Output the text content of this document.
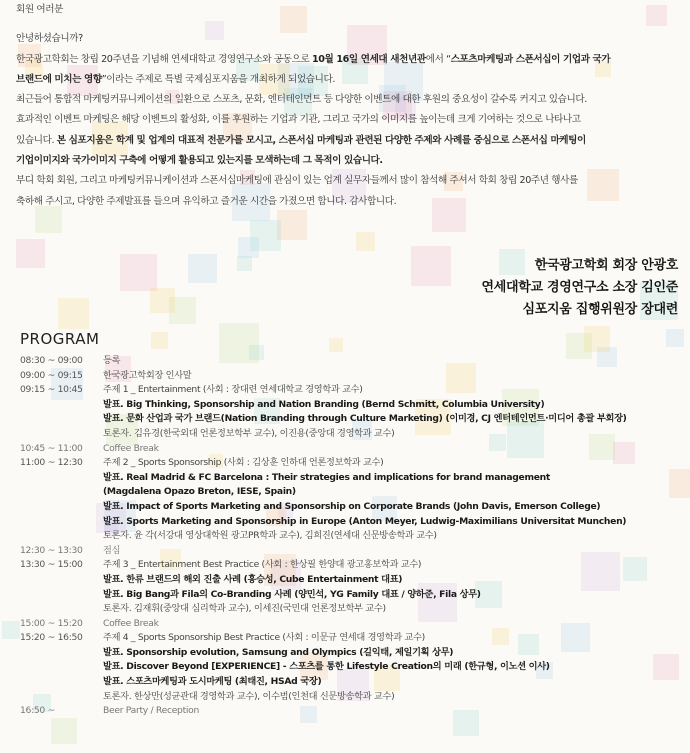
회원 여러분

안녕하셨습니까?

한국광고학회는 창립 20주년을 기념해 연세대학교 경영연구소와 공동으로 10월 16일 연세대 새천년관에서 “스포츠마케팅과 스폰서십이 기업과 국가

브랜드에 미치는 영향”이라는 주제로 특별 국제심포지움을 개최하게 되었습니다.

최근들어 통합적 마케팅커뮤니케이션의 일환으로 스포츠, 문화, 엔터테인먼트 등 다양한 이벤트에 대한 후원의 중요성이 갈수록 커지고 있습니다.

효과적인 이벤트 마케팅은 해당 이벤트의 활성화, 이를 후원하는 기업과 기관, 그리고 국가의 이미지를 높이는데 크게 기여하는 것으로 나타나고

있습니다. 본 심포지움은 학계 및 업계의 대표적 전문가를 모시고, 스폰서십 마케팅과 관련된 다양한 주제와 사례를 중심으로 스폰서십 마케팅이

기업이미지와 국가이미지 구축에 어떻게 활용되고 있는지를 모색하는데 그 목적이 있습니다.

부디 학회 회원, 그리고 마케팅커뮤니케이션과 스폰서십마케팅에 관심이 있는 업계 실무자들께서 많이 참석해 주셔서 학회 창립 20주년 행사를

축하해 주시고, 다양한 주제발표를 들으며 유익하고 즐거운 시간을 가졌으면 합니다. 감사합니다.

한국광고학회 회장 안광호
연세대학교 경영연구소 소장 김인준
심포지움 집행위원장 장대련
PROGRAM
08:30 ~ 09:00	등록
09:00 ~ 09:15	한국광고학회장 인사말
09:15 ~ 10:45	주제 1 _ Entertainment (사회 : 장대련 연세대학교 경영학과 교수)
발표. Big Thinking, Sponsorship and Nation Branding (Bernd Schmitt, Columbia University)
발표. 문화 산업과 국가 브랜드(Nation Branding through Culture Marketing) (이미경, CJ 엔터테인먼트·미디어 총괄 부회장)
토론자. 김유경(한국외대 언론정보학부 교수), 이진용(중앙대 경영학과 교수)
10:45 ~ 11:00	Coffee Break
11:00 ~ 12:30	주제 2 _ Sports Sponsorship (사회 : 김상훈 인하대 언론정보학과 교수)
발표. Real Madrid & FC Barcelona : Their strategies and implications for brand management
(Magdalena Opazo Breton, IESE, Spain)
발표. Impact of Sports Marketing and Sponsorship on Corporate Brands (John Davis, Emerson College)
발표. Sports Marketing and Sponsorship in Europe (Anton Meyer, Ludwig-Maximilians Universitat Munchen)
토론자. 윤 각(서강대 영상대학원 광고PR학과 교수), 김희진(연세대 신문방송학과 교수)
12:30 ~ 13:30	점심
13:30 ~ 15:00	주제 3 _ Entertainment Best Practice (사회 : 한상필 한양대 광고홍보학과 교수)
발표. 한류 브랜드의 해외 진출 사례 (홍승성, Cube Entertainment 대표)
발표. Big Bang과 Fila의 Co-Branding 사례 (양민석, YG Family 대표 / 양하준, Fila 상무)
토론자. 김재휘(중앙대 심리학과 교수), 이세진(국민대 언론정보학부 교수)
15:00 ~ 15:20	Coffee Break
15:20 ~ 16:50	주제 4 _ Sports Sponsorship Best Practice (사회 : 이문규 연세대 경영학과 교수)
발표. Sponsorship evolution, Samsung and Olympics (길익태, 제일기획 상무)
발표. Discover Beyond [EXPERIENCE] - 스포츠를 통한 Lifestyle Creation의 미래 (한규형, 이노션 이사)
발표. 스포츠마케팅과 도시마케팅 (최태진, HSAd 국장)
토론자. 한상만(성균관대 경영학과 교수), 이수범(인천대 신문방송학과 교수)
16:50 ~	Beer Party / Reception
